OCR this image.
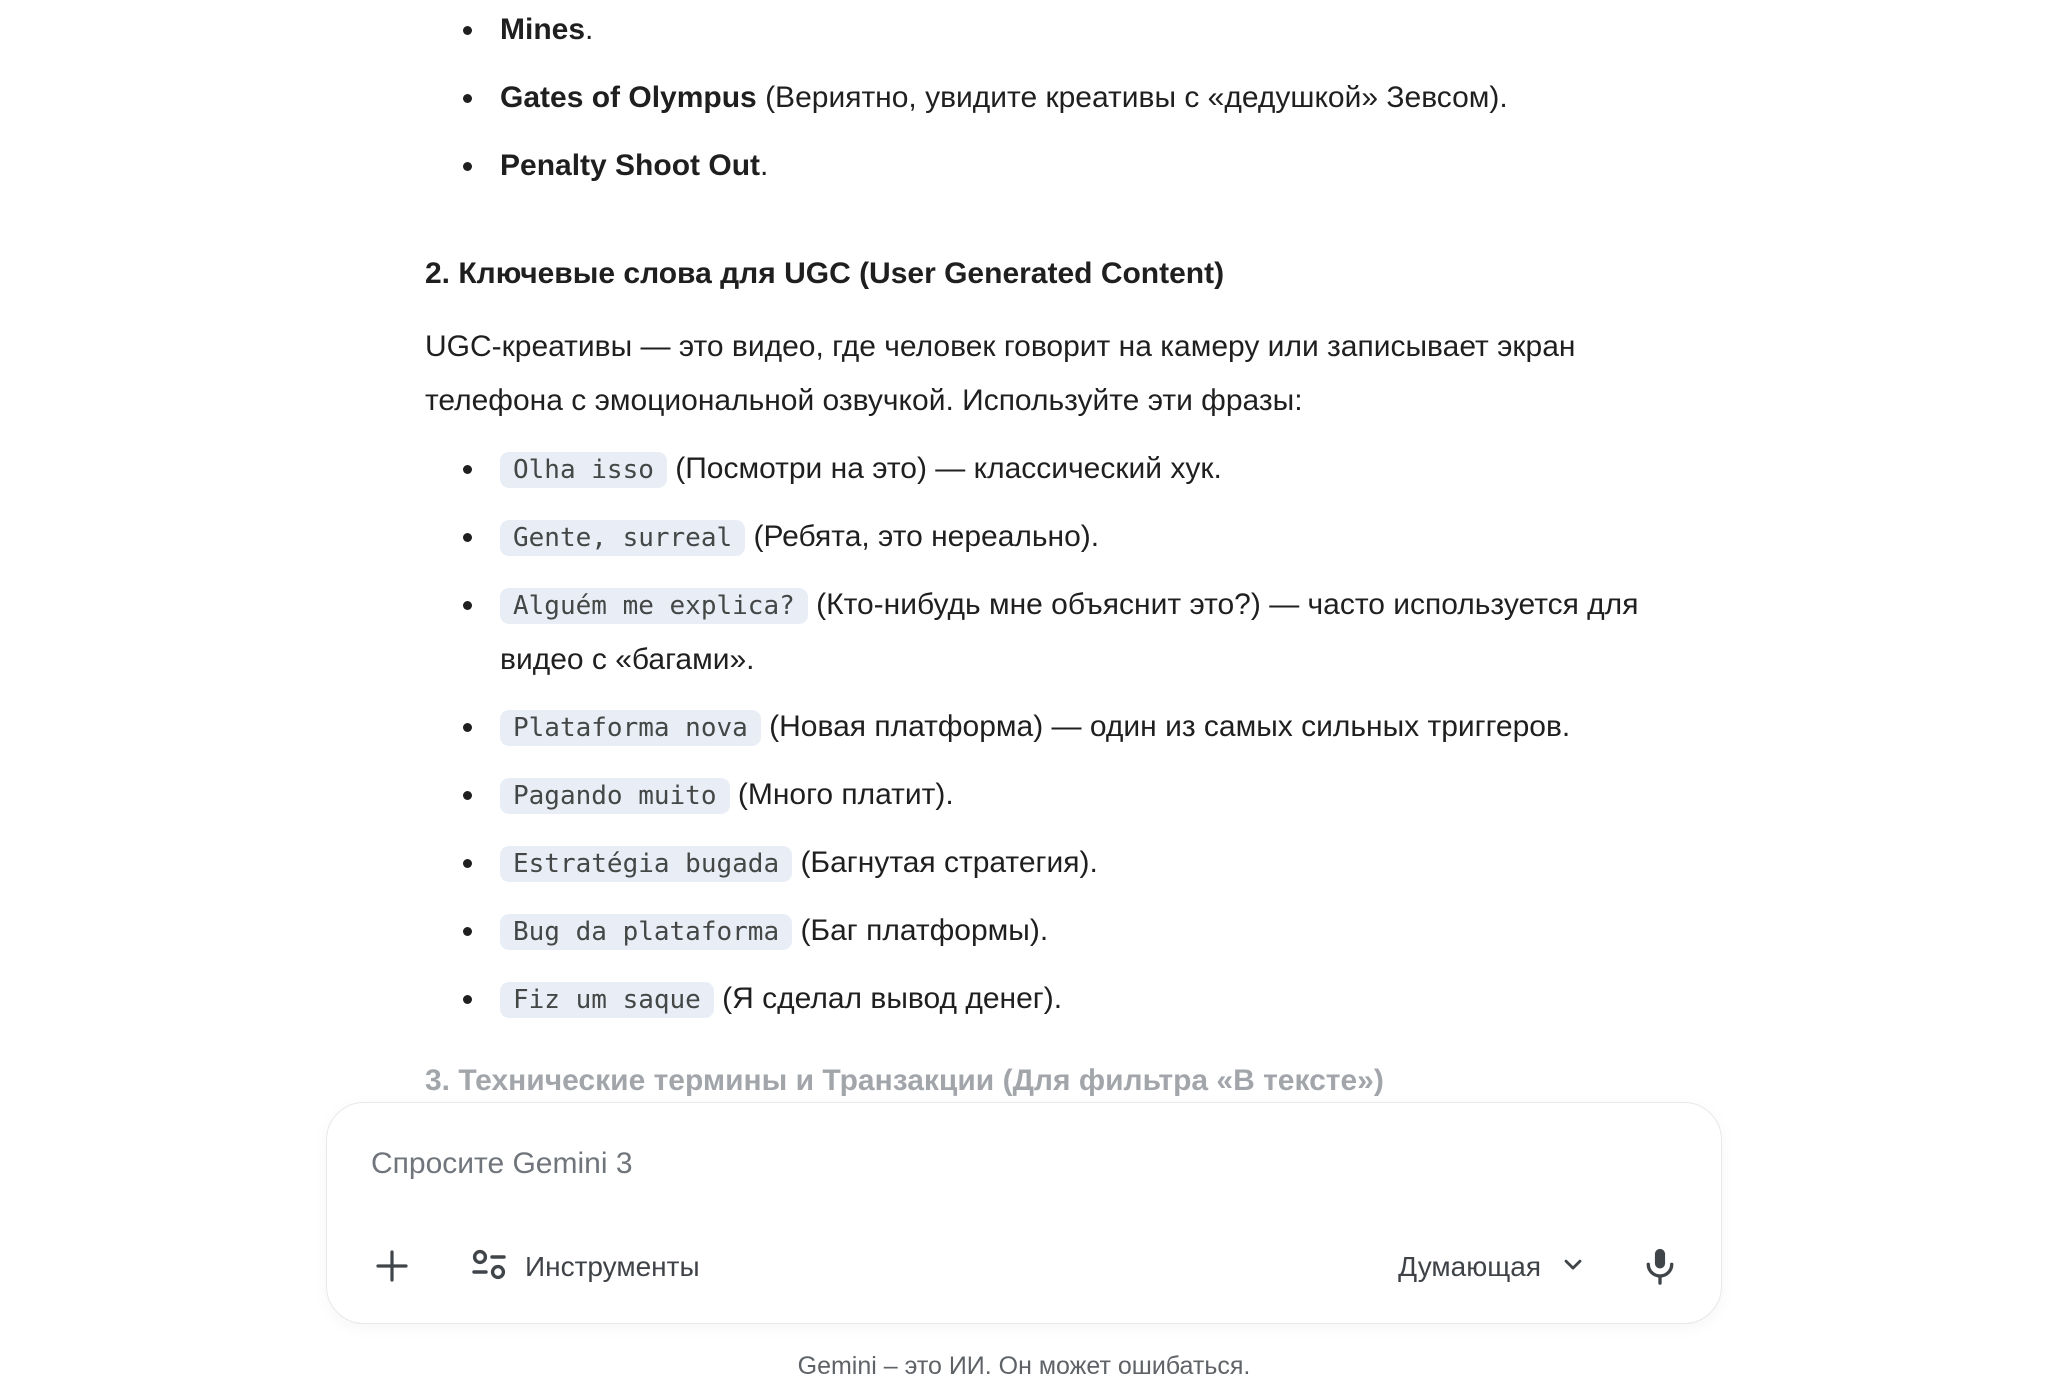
Mines.
Gates of Olympus (Вериятно, увидите креативы с «дедушкой» Зевсом).
Penalty Shoot Out.
2. Ключевые слова для UGC (User Generated Content)

UGC-креативы — это видео, где человек говорит на камеру или записывает экран телефона с эмоциональной озвучкой. Используйте эти фразы:

Olha isso (Посмотри на это) — классический хук.
Gente, surreal (Ребята, это нереально).
Alguém me explica? (Кто-нибудь мне объяснит это?) — часто используется для видео с «багами».
Plataforma nova (Новая платформа) — один из самых сильных триггеров.
Pagando muito (Много платит).
Estratégia bugada (Багнутая стратегия).
Bug da plataforma (Баг платформы).
Fiz um saque (Я сделал вывод денег).
3. Технические термины и Транзакции (Для фильтра «В тексте»)
Спросите Gemini 3
Инструменты	Думающая
Gemini – это ИИ. Он может ошибаться.
